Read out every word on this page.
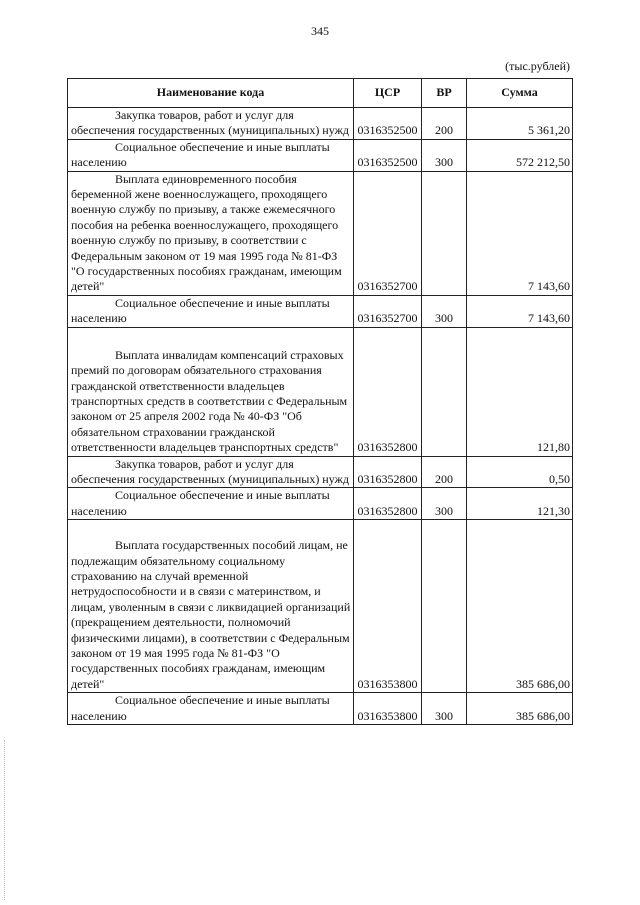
345
(тыс.рублей)
Наименование кода	ЦСР	ВР	Сумма
Закупка товаров, работ и услуг для обеспечения государственных (муниципальных) нужд	0316352500	200	5 361,20
Социальное обеспечение и иные выплаты населению	0316352500	300	572 212,50
Выплата единовременного пособия беременной жене военнослужащего, проходящего военную службу по призыву, а также ежемесячного пособия на ребенка военнослужащего, проходящего военную службу по призыву, в соответствии с Федеральным законом от 19 мая 1995 года № 81-ФЗ "О государственных пособиях гражданам, имеющим детей"	0316352700		7 143,60
Социальное обеспечение и иные выплаты населению	0316352700	300	7 143,60
Выплата инвалидам компенсаций страховых премий по договорам обязательного страхования гражданской ответственности владельцев транспортных средств в соответствии с Федеральным законом от 25 апреля 2002 года № 40-ФЗ "Об обязательном страховании гражданской ответственности владельцев транспортных средств"	0316352800		121,80
Закупка товаров, работ и услуг для обеспечения государственных (муниципальных) нужд	0316352800	200	0,50
Социальное обеспечение и иные выплаты населению	0316352800	300	121,30
Выплата государственных пособий лицам, не подлежащим обязательному социальному страхованию на случай временной нетрудоспособности и в связи с материнством, и лицам, уволенным в связи с ликвидацией организаций (прекращением деятельности, полномочий физическими лицами), в соответствии с Федеральным законом от 19 мая 1995 года № 81-ФЗ "О государственных пособиях гражданам, имеющим детей"	0316353800		385 686,00
Социальное обеспечение и иные выплаты населению	0316353800	300	385 686,00
